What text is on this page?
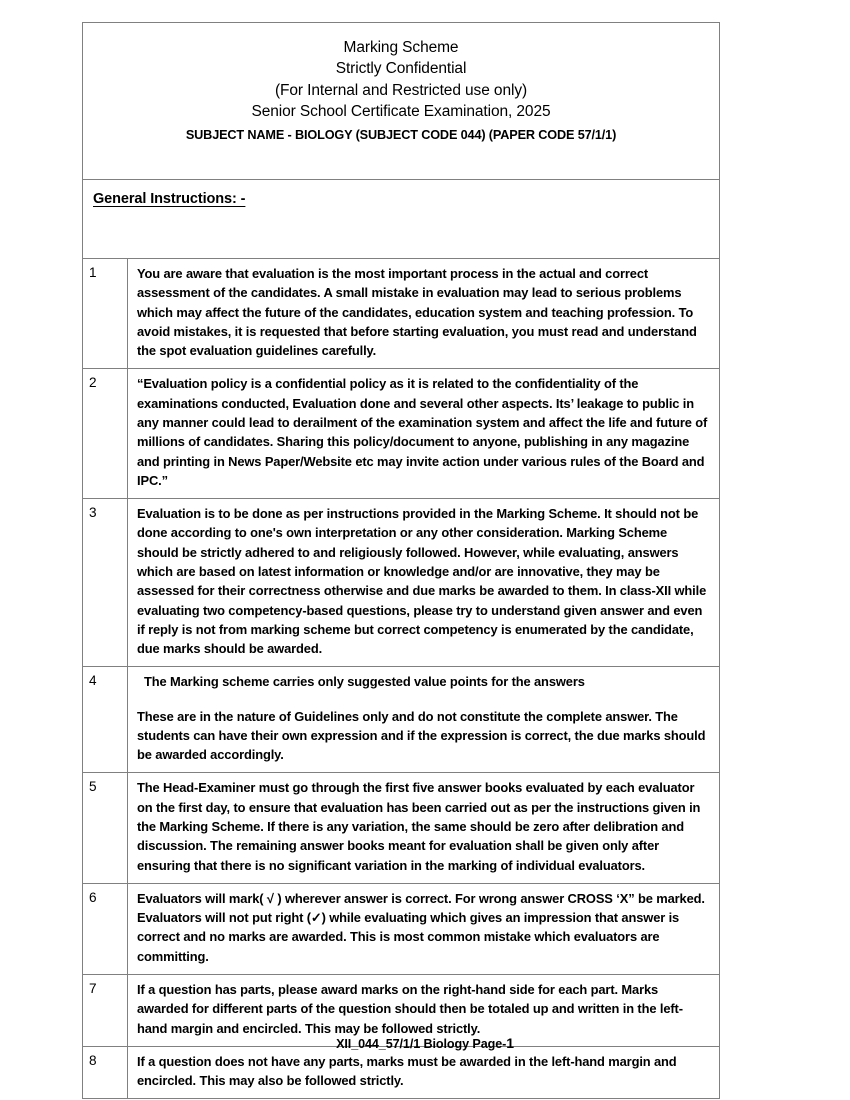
Marking Scheme
Strictly Confidential
(For Internal and Restricted use only)
Senior School Certificate Examination, 2025
SUBJECT NAME - BIOLOGY (SUBJECT CODE 044) (PAPER CODE 57/1/1)	

General Instructions: -	
1	You are aware that evaluation is the most important process in the actual and correct assessment of the candidates. A small mistake in evaluation may lead to serious problems which may affect the future of the candidates, education system and teaching profession. To avoid mistakes, it is requested that before starting evaluation, you must read and understand the spot evaluation guidelines carefully.

2	“Evaluation policy is a confidential policy as it is related to the confidentiality of the examinations conducted, Evaluation done and several other aspects. Its’ leakage to public in any manner could lead to derailment of the examination system and affect the life and future of millions of candidates. Sharing this policy/document to anyone, publishing in any magazine and printing in News Paper/Website etc may invite action under various rules of the Board and IPC.”

3	Evaluation is to be done as per instructions provided in the Marking Scheme. It should not be done according to one's own interpretation or any other consideration. Marking Scheme should be strictly adhered to and religiously followed. However, while evaluating, answers which are based on latest information or knowledge and/or are innovative, they may be assessed for their correctness otherwise and due marks be awarded to them. In class-XII while evaluating two competency-based questions, please try to understand given answer and even if reply is not from marking scheme but correct competency is enumerated by the candidate, due marks should be awarded.

4	The Marking scheme carries only suggested value points for the answers

These are in the nature of Guidelines only and do not constitute the complete answer. The students can have their own expression and if the expression is correct, the due marks should be awarded accordingly.

5	The Head-Examiner must go through the first five answer books evaluated by each evaluator on the first day, to ensure that evaluation has been carried out as per the instructions given in the Marking Scheme. If there is any variation, the same should be zero after delibration and discussion. The remaining answer books meant for evaluation shall be given only after ensuring that there is no significant variation in the marking of individual evaluators.

6	Evaluators will mark( √ ) wherever answer is correct. For wrong answer CROSS ‘X” be marked. Evaluators will not put right (✓) while evaluating which gives an impression that answer is correct and no marks are awarded. This is most common mistake which evaluators are committing.

7	If a question has parts, please award marks on the right-hand side for each part. Marks awarded for different parts of the question should then be totaled up and written in the left-hand margin and encircled. This may be followed strictly.

8	If a question does not have any parts, marks must be awarded in the left-hand margin and encircled. This may also be followed strictly.

XII_044_57/1/1 Biology Page-1
